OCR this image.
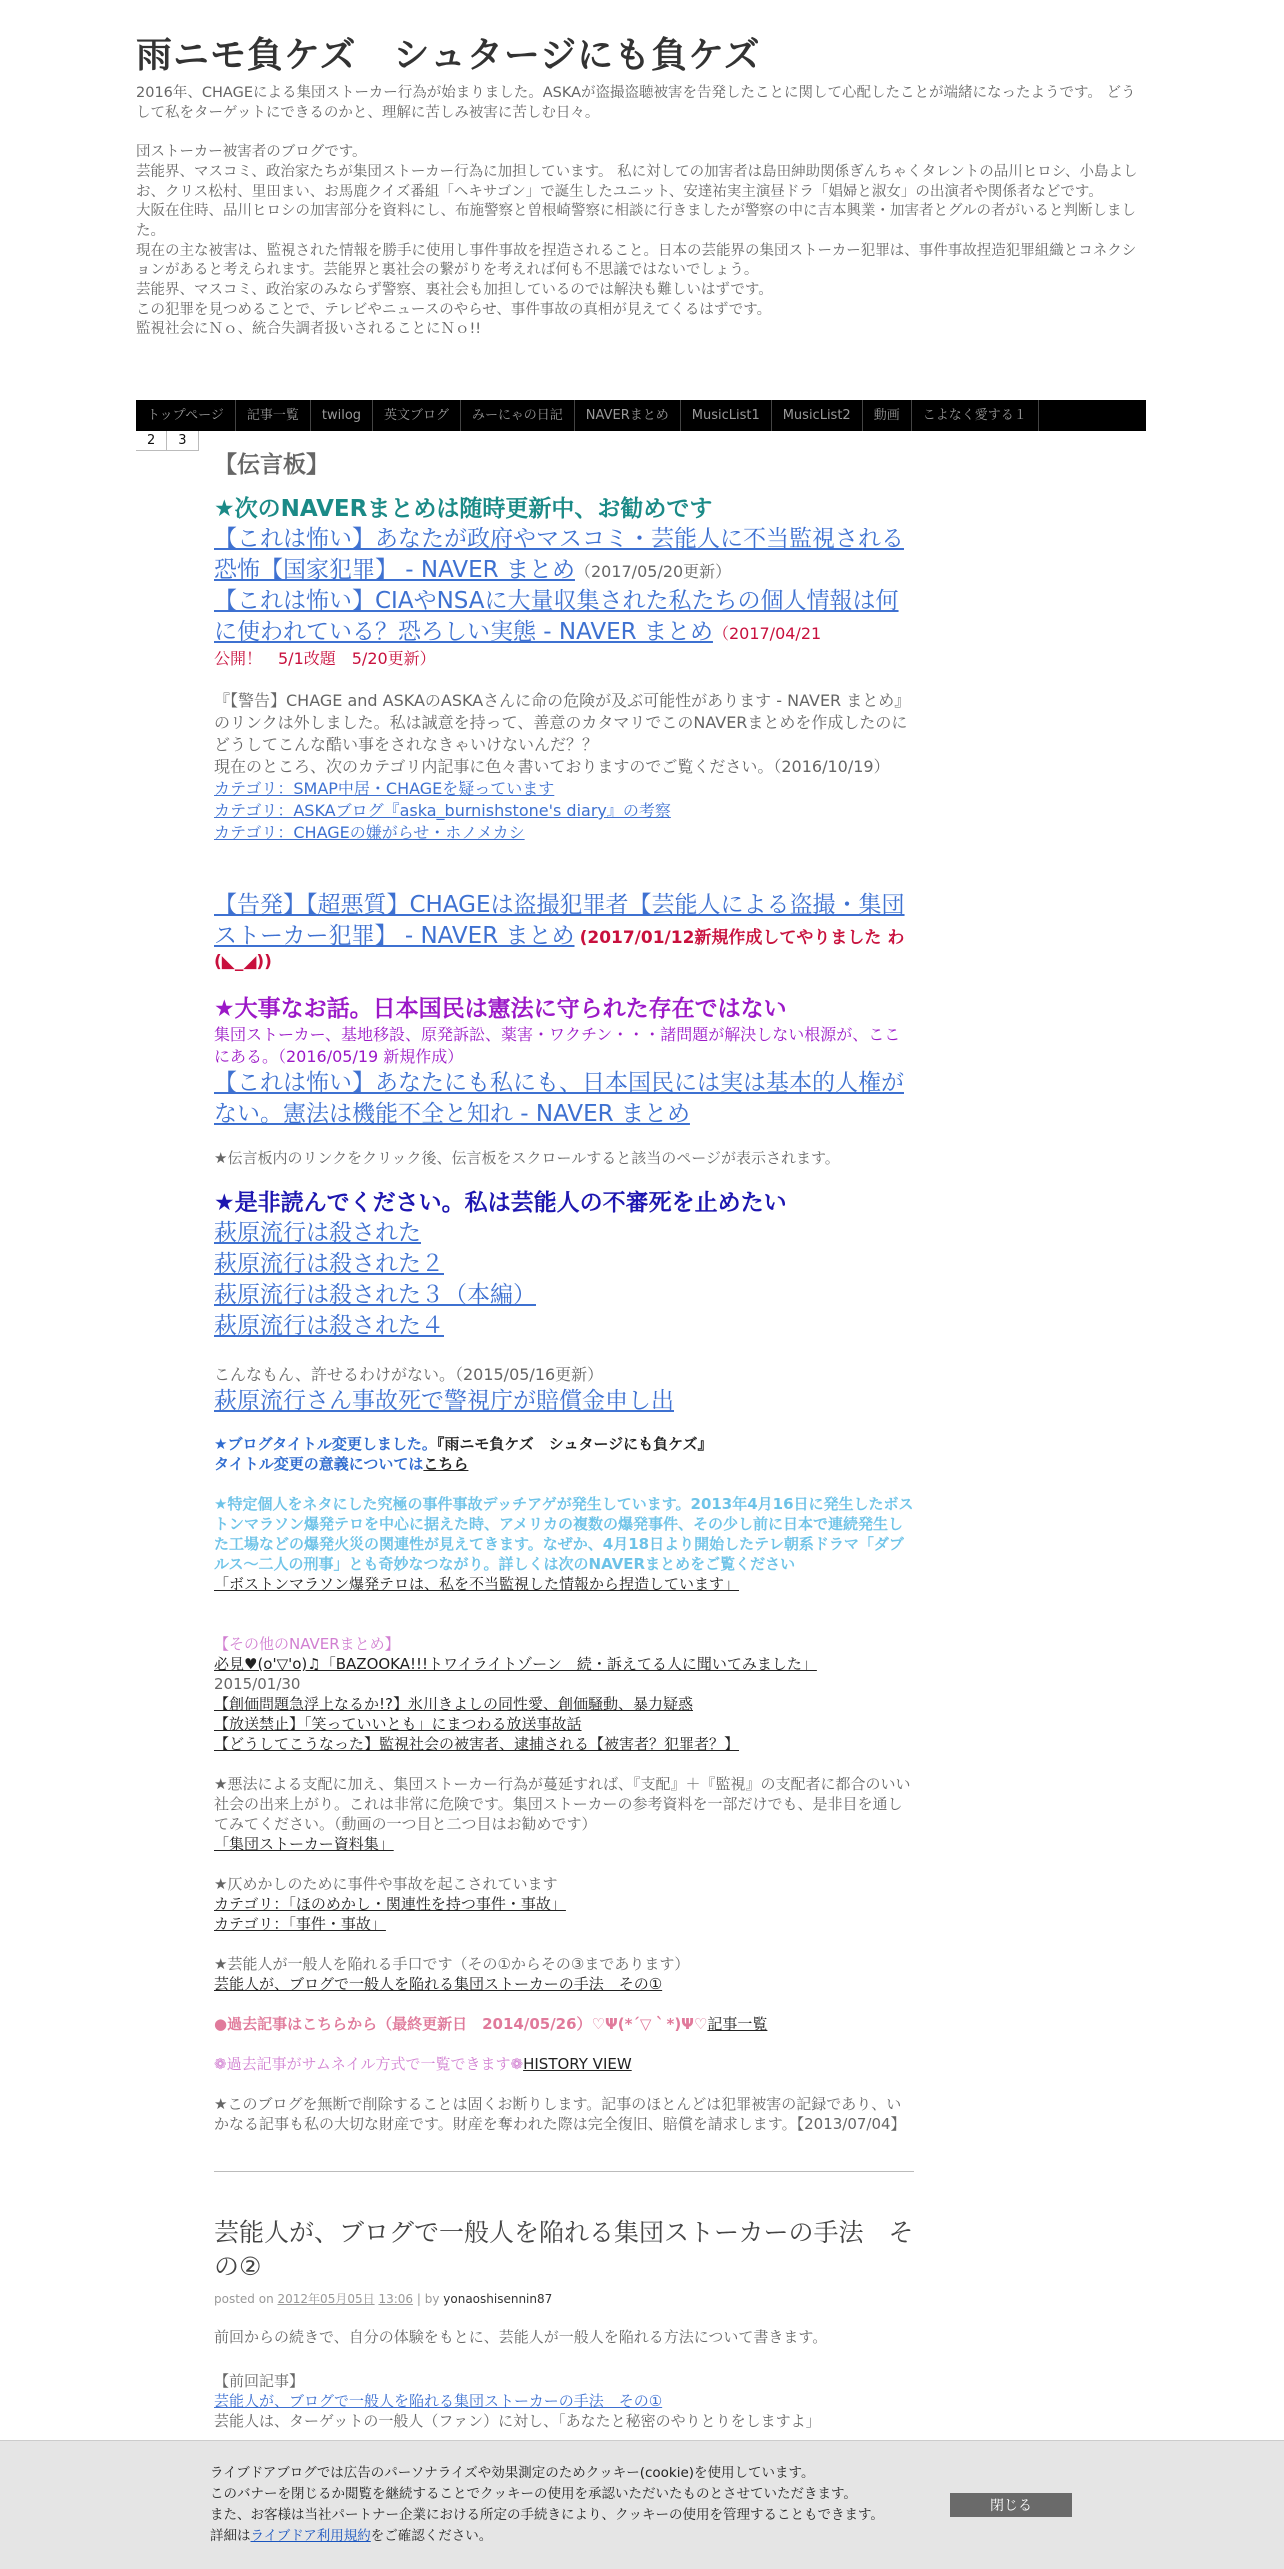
雨ニモ負ケズ　シュタージにも負ケズ

2016年、CHAGEによる集団ストーカー行為が始まりました。ASKAが盗撮盗聴被害を告発したことに関して心配したことが端緒になったようです。 どうして私をターゲットにできるのかと、理解に苦しみ被害に苦しむ日々。

団ストーカー被害者のブログです。

芸能界、マスコミ、政治家たちが集団ストーカー行為に加担しています。 私に対しての加害者は島田紳助関係ぎんちゃくタレントの品川ヒロシ、小島よしお、クリス松村、里田まい、お馬鹿クイズ番組「ヘキサゴン」で誕生したユニット、安達祐実主演昼ドラ「娼婦と淑女」の出演者や関係者などです。

大阪在住時、品川ヒロシの加害部分を資料にし、布施警察と曽根崎警察に相談に行きましたが警察の中に吉本興業・加害者とグルの者がいると判断しました。

現在の主な被害は、監視された情報を勝手に使用し事件事故を捏造されること。日本の芸能界の集団ストーカー犯罪は、事件事故捏造犯罪組織とコネクションがあると考えられます。芸能界と裏社会の繋がりを考えれば何も不思議ではないでしょう。

芸能界、マスコミ、政治家のみならず警察、裏社会も加担しているのでは解決も難しいはずです。

この犯罪を見つめることで、テレビやニュースのやらせ、事件事故の真相が見えてくるはずです。

監視社会にＮｏ、統合失調者扱いされることにＮｏ!!

トップページ	記事一覧	twilog	英文ブログ	みーにゃの日記	NAVERまとめ	MusicList1	MusicList2	動画	こよなく愛する１
2	3
【伝言板】
★次のNAVERまとめは随時更新中、お勧めです
【これは怖い】あなたが政府やマスコミ・芸能人に不当監視される恐怖【国家犯罪】 - NAVER まとめ（2017/05/20更新）
【これは怖い】CIAやNSAに大量収集された私たちの個人情報は何に使われている？恐ろしい実態 - NAVER まとめ（2017/04/21
公開！　5/1改題　5/20更新）
『【警告】CHAGE and ASKAのASKAさんに命の危険が及ぶ可能性があります - NAVER まとめ』のリンクは外しました。私は誠意を持って、善意のカタマリでこのNAVERまとめを作成したのにどうしてこんな酷い事をされなきゃいけないんだ？？
現在のところ、次のカテゴリ内記事に色々書いておりますのでご覧ください。（2016/10/19）
カテゴリ：SMAP中居・CHAGEを疑っています
カテゴリ：ASKAブログ『aska_burnishstone's diary』の考察
カテゴリ：CHAGEの嫌がらせ・ホノメカシ
【告発】【超悪質】CHAGEは盗撮犯罪者【芸能人による盗撮・集団ストーカー犯罪】 - NAVER まとめ (2017/01/12新規作成してやりました わ(◣_◢))
★大事なお話。日本国民は憲法に守られた存在ではない
集団ストーカー、基地移設、原発訴訟、薬害・ワクチン・・・諸問題が解決しない根源が、ここにある。（2016/05/19 新規作成）
【これは怖い】あなたにも私にも、日本国民には実は基本的人権がない。憲法は機能不全と知れ - NAVER まとめ
★伝言板内のリンクをクリック後、伝言板をスクロールすると該当のページが表示されます。
★是非読んでください。私は芸能人の不審死を止めたい
萩原流行は殺された
萩原流行は殺された２
萩原流行は殺された３（本編）
萩原流行は殺された４
こんなもん、許せるわけがない。（2015/05/16更新）
萩原流行さん事故死で警視庁が賠償金申し出
★ブログタイトル変更しました。『雨ニモ負ケズ　シュタージにも負ケズ』
タイトル変更の意義についてはこちら
★特定個人をネタにした究極の事件事故デッチアゲが発生しています。2013年4月16日に発生したボストンマラソン爆発テロを中心に据えた時、アメリカの複数の爆発事件、その少し前に日本で連続発生した工場などの爆発火災の関連性が見えてきます。なぜか、4月18日より開始したテレ朝系ドラマ「ダブルス～二人の刑事」とも奇妙なつながり。詳しくは次のNAVERまとめをご覧ください
「ボストンマラソン爆発テロは、私を不当監視した情報から捏造しています」
【その他のNAVERまとめ】
必見♥(o'▽'o)♫「BAZOOKA!!!トワイライトゾーン　続・訴えてる人に聞いてみました」
2015/01/30
【創価問題急浮上なるか!?】氷川きよしの同性愛、創価騒動、暴力疑惑
【放送禁止】「笑っていいとも」にまつわる放送事故話
【どうしてこうなった】監視社会の被害者、逮捕される【被害者？犯罪者？】
★悪法による支配に加え、集団ストーカー行為が蔓延すれば、『支配』＋『監視』の支配者に都合のいい社会の出来上がり。これは非常に危険です。集団ストーカーの参考資料を一部だけでも、是非目を通してみてください。（動画の一つ目と二つ目はお勧めです）
「集団ストーカー資料集」
★仄めかしのために事件や事故を起こされています
カテゴリ：「ほのめかし・関連性を持つ事件・事故」
カテゴリ：「事件・事故」
★芸能人が一般人を陥れる手口です（その①からその③まであります）
芸能人が、ブログで一般人を陥れる集団ストーカーの手法　その①
●過去記事はこちらから（最終更新日　2014/05/26）♡Ψ(*´▽｀*)Ψ♡記事一覧
❁過去記事がサムネイル方式で一覧できます❁HISTORY VIEW
★このブログを無断で削除することは固くお断りします。記事のほとんどは犯罪被害の記録であり、いかなる記事も私の大切な財産です。財産を奪われた際は完全復旧、賠償を請求します。【2013/07/04】
芸能人が、ブログで一般人を陥れる集団ストーカーの手法　その②
posted on 2012年05月05日 13:06 | by yonaoshisennin87
前回からの続きで、自分の体験をもとに、芸能人が一般人を陥れる方法について書きます。
【前回記事】
芸能人が、ブログで一般人を陥れる集団ストーカーの手法　その①
芸能人は、ターゲットの一般人（ファン）に対し、「あなたと秘密のやりとりをしますよ」
ライブドアブログでは広告のパーソナライズや効果測定のためクッキー(cookie)を使用しています。
このバナーを閉じるか閲覧を継続することでクッキーの使用を承認いただいたものとさせていただきます。
また、お客様は当社パートナー企業における所定の手続きにより、クッキーの使用を管理することもできます。
詳細はライブドア利用規約をご確認ください。
閉じる
